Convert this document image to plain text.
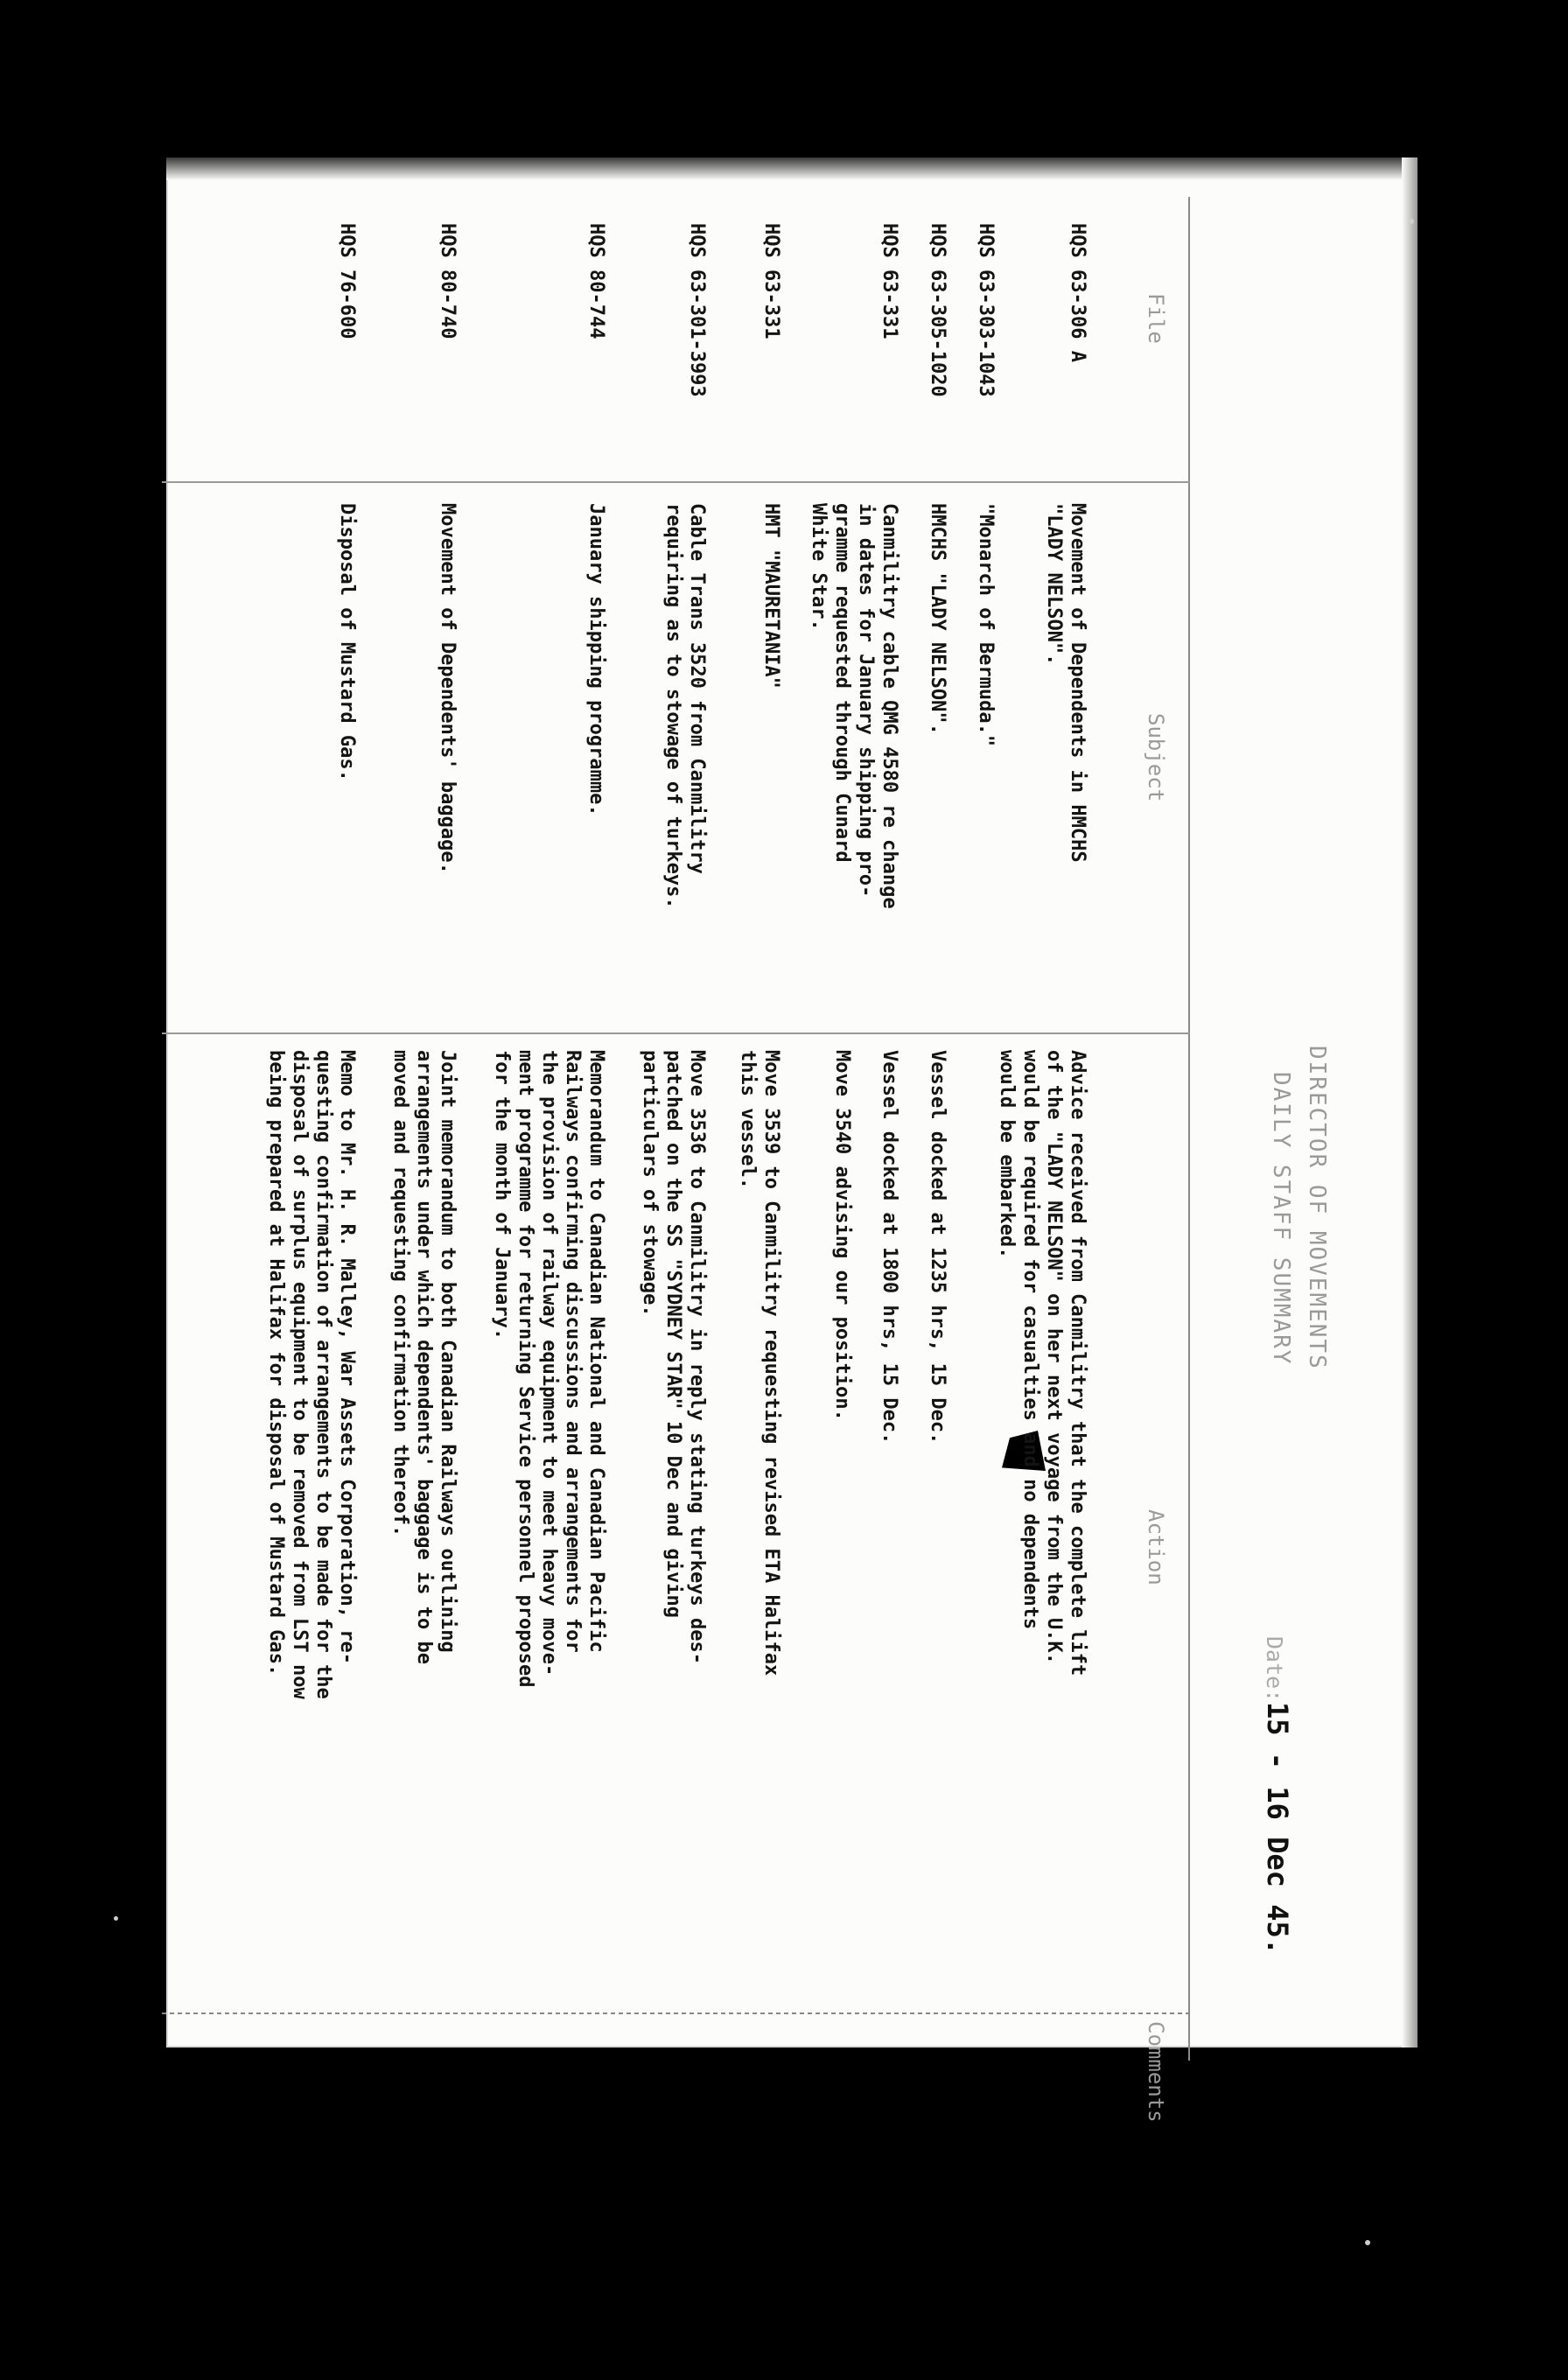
DIRECTOR OF MOVEMENTS
DAILY STAFF SUMMARY
Date:
15 - 16 Dec 45.
File
Subject
Action
Comments
HQS 63-306 A
Movement of Dependents in HMCHS
"LADY NELSON".
Advice received from Canmilitry that the complete lift
of the "LADY NELSON" on her next voyage from the U.K.
would be required for casualties and no dependents
would be embarked.
HQS 63-303-1043
"Monarch of Bermuda."
HQS 63-305-1020
HMCHS "LADY NELSON".
Vessel docked at 1235 hrs, 15 Dec.
HQS 63-331
Canmilitry cable QMG 4580 re change
in dates for January shipping pro-
gramme requested through Cunard
White Star.
Vessel docked at 1800 hrs, 15 Dec.

Move 3540 advising our position.
HQS 63-331
HMT "MAURETANIA"
Move 3539 to Canmilitry requesting revised ETA Halifax
this vessel.
HQS 63-301-3993
Cable Trans 3520 from Canmilitry
requiring as to stowage of turkeys.
Move 3536 to Canmilitry in reply stating turkeys des-
patched on the SS "SYDNEY STAR" 10 Dec and giving
particulars of stowage.
HQS 80-744
January shipping programme.
Memorandum to Canadian National and Canadian Pacific
Railways confirming discussions and arrangements for
the provision of railway equipment to meet heavy move-
ment programme for returning Service personnel proposed
for the month of January.
HQS 80-740
Movement of Dependents' baggage.
Joint memorandum to both Canadian Railways outlining
arrangements under which dependents' baggage is to be
moved and requesting confirmation thereof.
HQS 76-600
Disposal of Mustard Gas.
Memo to Mr. H. R. Malley, War Assets Corporation, re-
questing confirmation of arrangements to be made for the
disposal of surplus equipment to be removed from LST now
being prepared at Halifax for disposal of Mustard Gas.
